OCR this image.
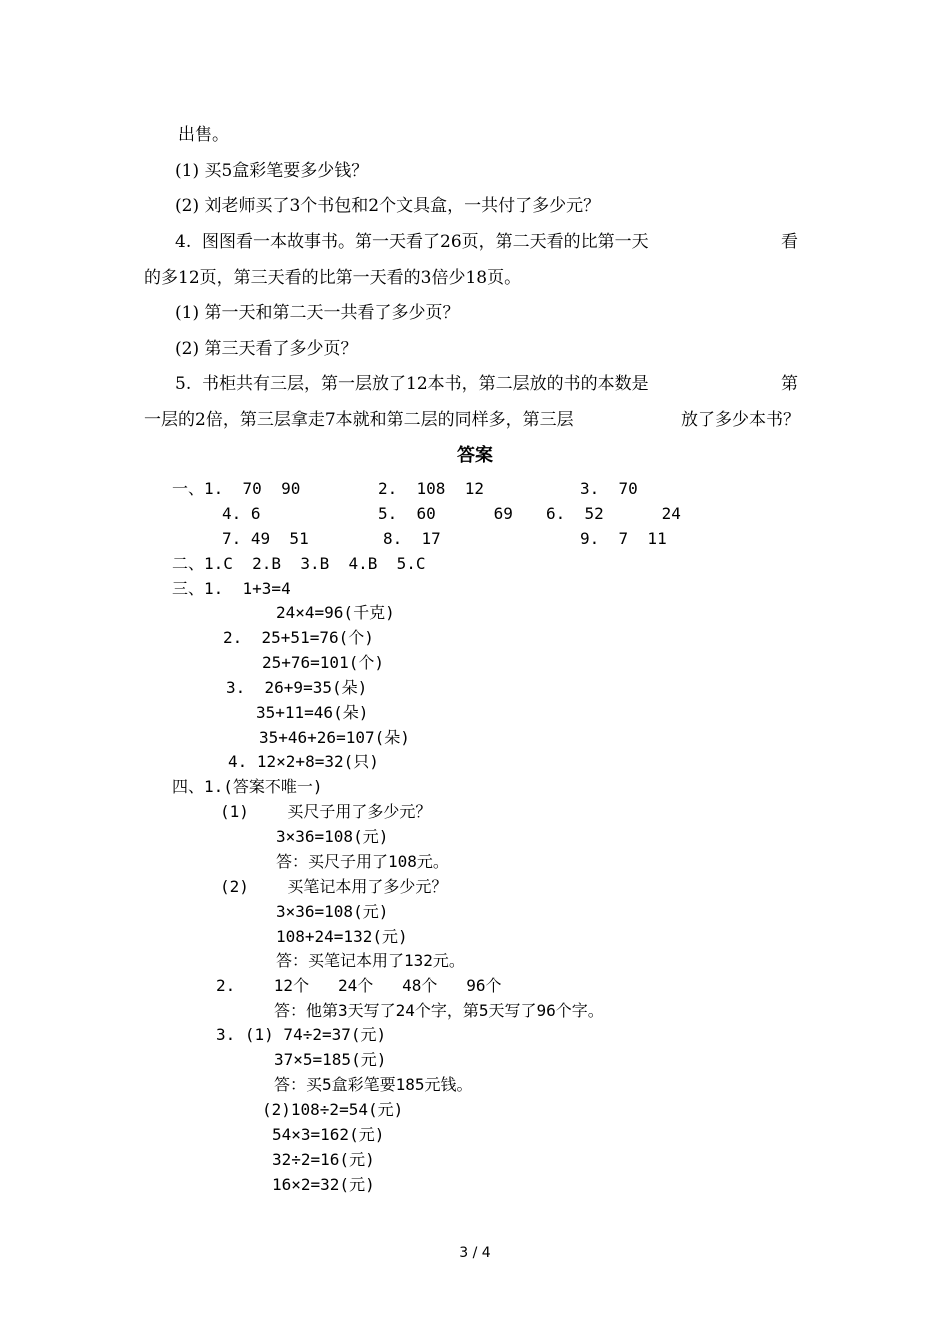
出售。
(1) 买5盒彩笔要多少钱？
(2) 刘老师买了3个书包和2个文具盒，一共付了多少元？
4.  图图看一本故事书。第一天看了26页，第二天看的比第一天	看
的多12页，第三天看的比第一天看的3倍少18页。
(1) 第一天和第二天一共看了多少页？
(2) 第三天看了多少页？
5.  书柜共有三层，第一层放了12本书，第二层放的书的本数是	第
一层的2倍，第三层拿走7本就和第二层的同样多，第三层	放了多少本书？
答案
一、1.  70  90	2.  108  12	3.  70
4. 6	5.  60      69 6.  52      24
7. 49  51	8.  17	9.  7  11
二、1.C  2.B  3.B  4.B  5.C
三、1.  1+3=4
24×4=96(千克)
2.  25+51=76(个)
25+76=101(个)
3.  26+9=35(朵)
35+11=46(朵)
35+46+26=107(朵)
4. 12×2+8=32(只)
四、1.(答案不唯一)
(1)    买尺子用了多少元？
3×36=108(元)
答：买尺子用了108元。
(2)    买笔记本用了多少元？
3×36=108(元)
108+24=132(元)
答：买笔记本用了132元。
2.    12个   24个   48个   96个
答：他第3天写了24个字，第5天写了96个字。
3. (1) 74÷2=37(元)
37×5=185(元)
答：买5盒彩笔要185元钱。
(2)108÷2=54(元)
54×3=162(元)
32÷2=16(元)
16×2=32(元)
3 / 4
